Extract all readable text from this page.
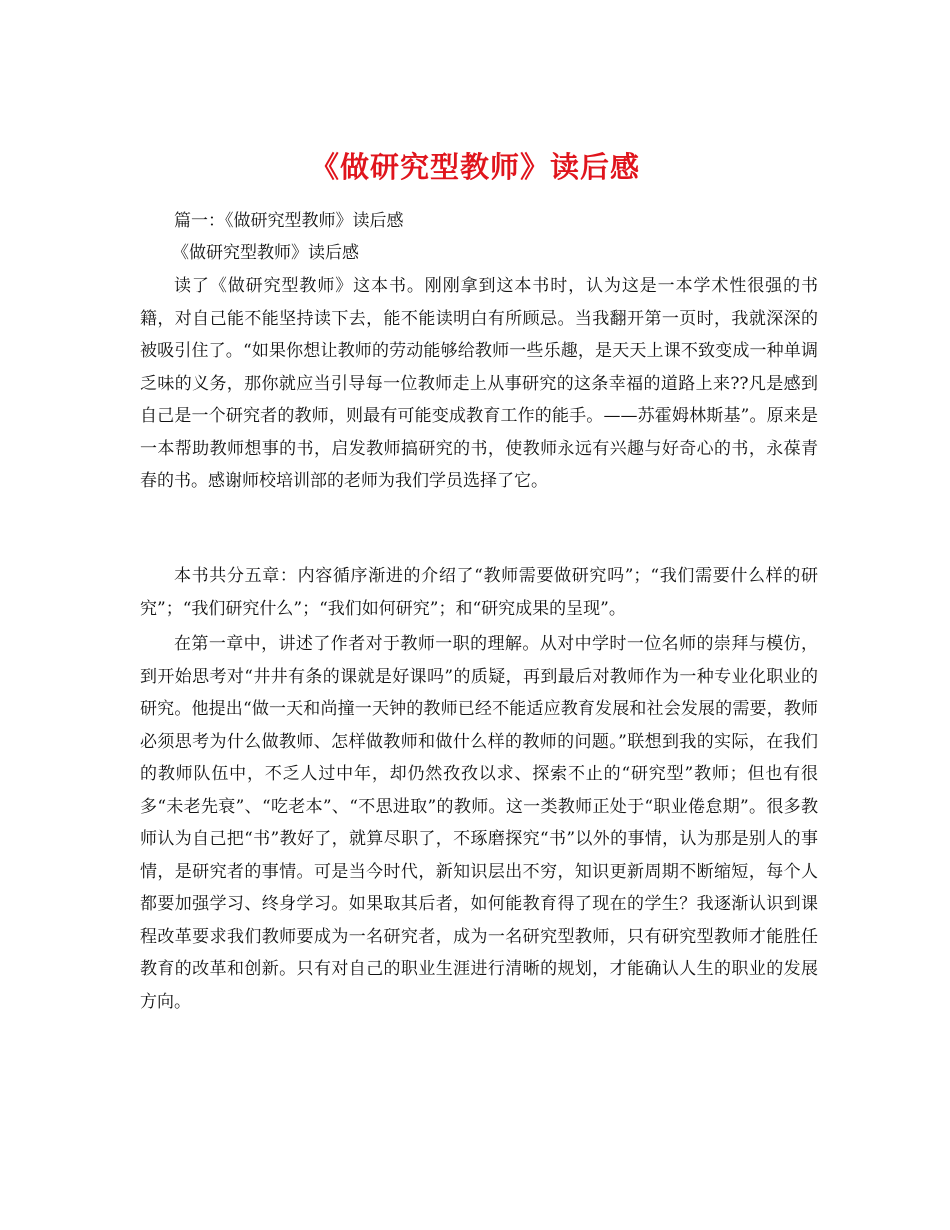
《做研究型教师》读后感
篇一：《做研究型教师》读后感
《做研究型教师》读后感

读了《做研究型教师》这本书。刚刚拿到这本书时，认为这是一本学术性很强的书籍，对自己能不能坚持读下去，能不能读明白有所顾忌。当我翻开第一页时，我就深深的被吸引住了。“如果你想让教师的劳动能够给教师一些乐趣，是天天上课不致变成一种单调乏味的义务，那你就应当引导每一位教师走上从事研究的这条幸福的道路上来??凡是感到自己是一个研究者的教师，则最有可能变成教育工作的能手。——苏霍姆林斯基”。原来是一本帮助教师想事的书，启发教师搞研究的书，使教师永远有兴趣与好奇心的书，永葆青春的书。感谢师校培训部的老师为我们学员选择了它。

本书共分五章：内容循序渐进的介绍了“教师需要做研究吗”；“我们需要什么样的研究”；“我们研究什么”；“我们如何研究”；和“研究成果的呈现”。

在第一章中，讲述了作者对于教师一职的理解。从对中学时一位名师的崇拜与模仿，到开始思考对“井井有条的课就是好课吗”的质疑，再到最后对教师作为一种专业化职业的研究。他提出“做一天和尚撞一天钟的教师已经不能适应教育发展和社会发展的需要，教师必须思考为什么做教师、怎样做教师和做什么样的教师的问题。”联想到我的实际，在我们的教师队伍中，不乏人过中年，却仍然孜孜以求、探索不止的“研究型”教师；但也有很多“未老先衰”、“吃老本”、“不思进取”的教师。这一类教师正处于“职业倦怠期”。很多教师认为自己把“书”教好了，就算尽职了，不琢磨探究“书”以外的事情，认为那是别人的事情，是研究者的事情。可是当今时代，新知识层出不穷，知识更新周期不断缩短，每个人都要加强学习、终身学习。如果取其后者，如何能教育得了现在的学生？我逐渐认识到课程改革要求我们教师要成为一名研究者，成为一名研究型教师，只有研究型教师才能胜任教育的改革和创新。只有对自己的职业生涯进行清晰的规划，才能确认人生的职业的发展方向。
